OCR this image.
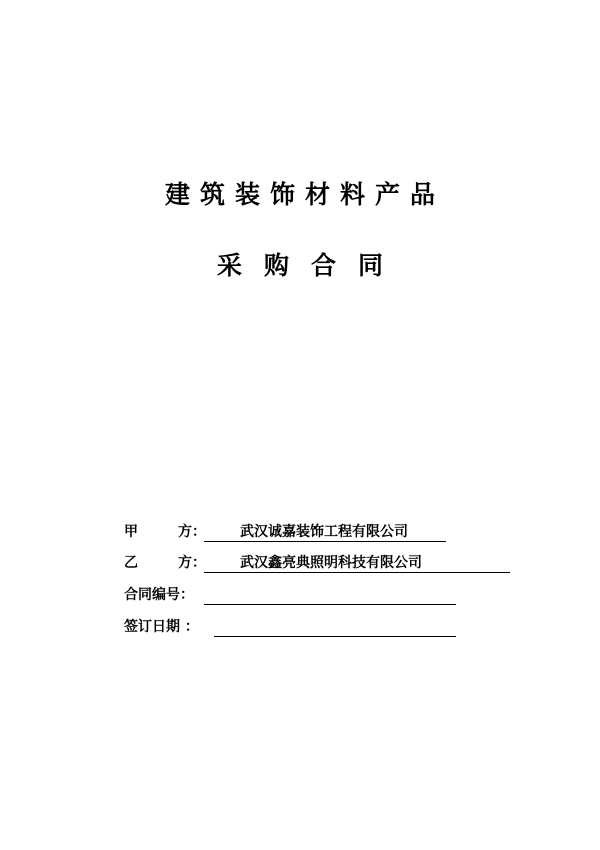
建筑装饰材料产品
采购合同
甲	方： 武汉诚嘉装饰工程有限公司
乙	方： 武汉鑫亮典照明科技有限公司
合同编号：
签订日期 ：
